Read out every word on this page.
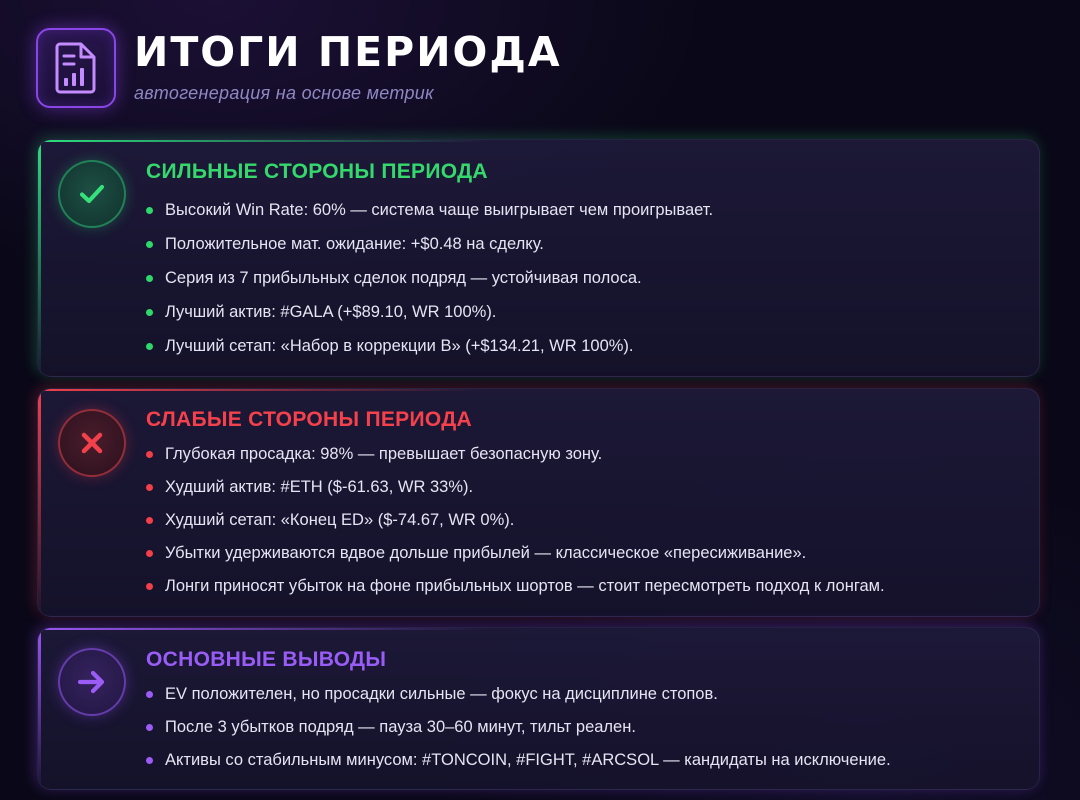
ИТОГИ ПЕРИОДА
автогенерация на основе метрик
СИЛЬНЫЕ СТОРОНЫ ПЕРИОДА
Высокий Win Rate: 60% — система чаще выигрывает чем проигрывает.
Положительное мат. ожидание: +$0.48 на сделку.
Серия из 7 прибыльных сделок подряд — устойчивая полоса.
Лучший актив: #GALA (+$89.10, WR 100%).
Лучший сетап: «Набор в коррекции В» (+$134.21, WR 100%).
СЛАБЫЕ СТОРОНЫ ПЕРИОДА
Глубокая просадка: 98% — превышает безопасную зону.
Худший актив: #ETH ($-61.63, WR 33%).
Худший сетап: «Конец ED» ($-74.67, WR 0%).
Убытки удерживаются вдвое дольше прибылей — классическое «пересиживание».
Лонги приносят убыток на фоне прибыльных шортов — стоит пересмотреть подход к лонгам.
ОСНОВНЫЕ ВЫВОДЫ
EV положителен, но просадки сильные — фокус на дисциплине стопов.
После 3 убытков подряд — пауза 30–60 минут, тильт реален.
Активы со стабильным минусом: #TONCOIN, #FIGHT, #ARCSOL — кандидаты на исключение.
